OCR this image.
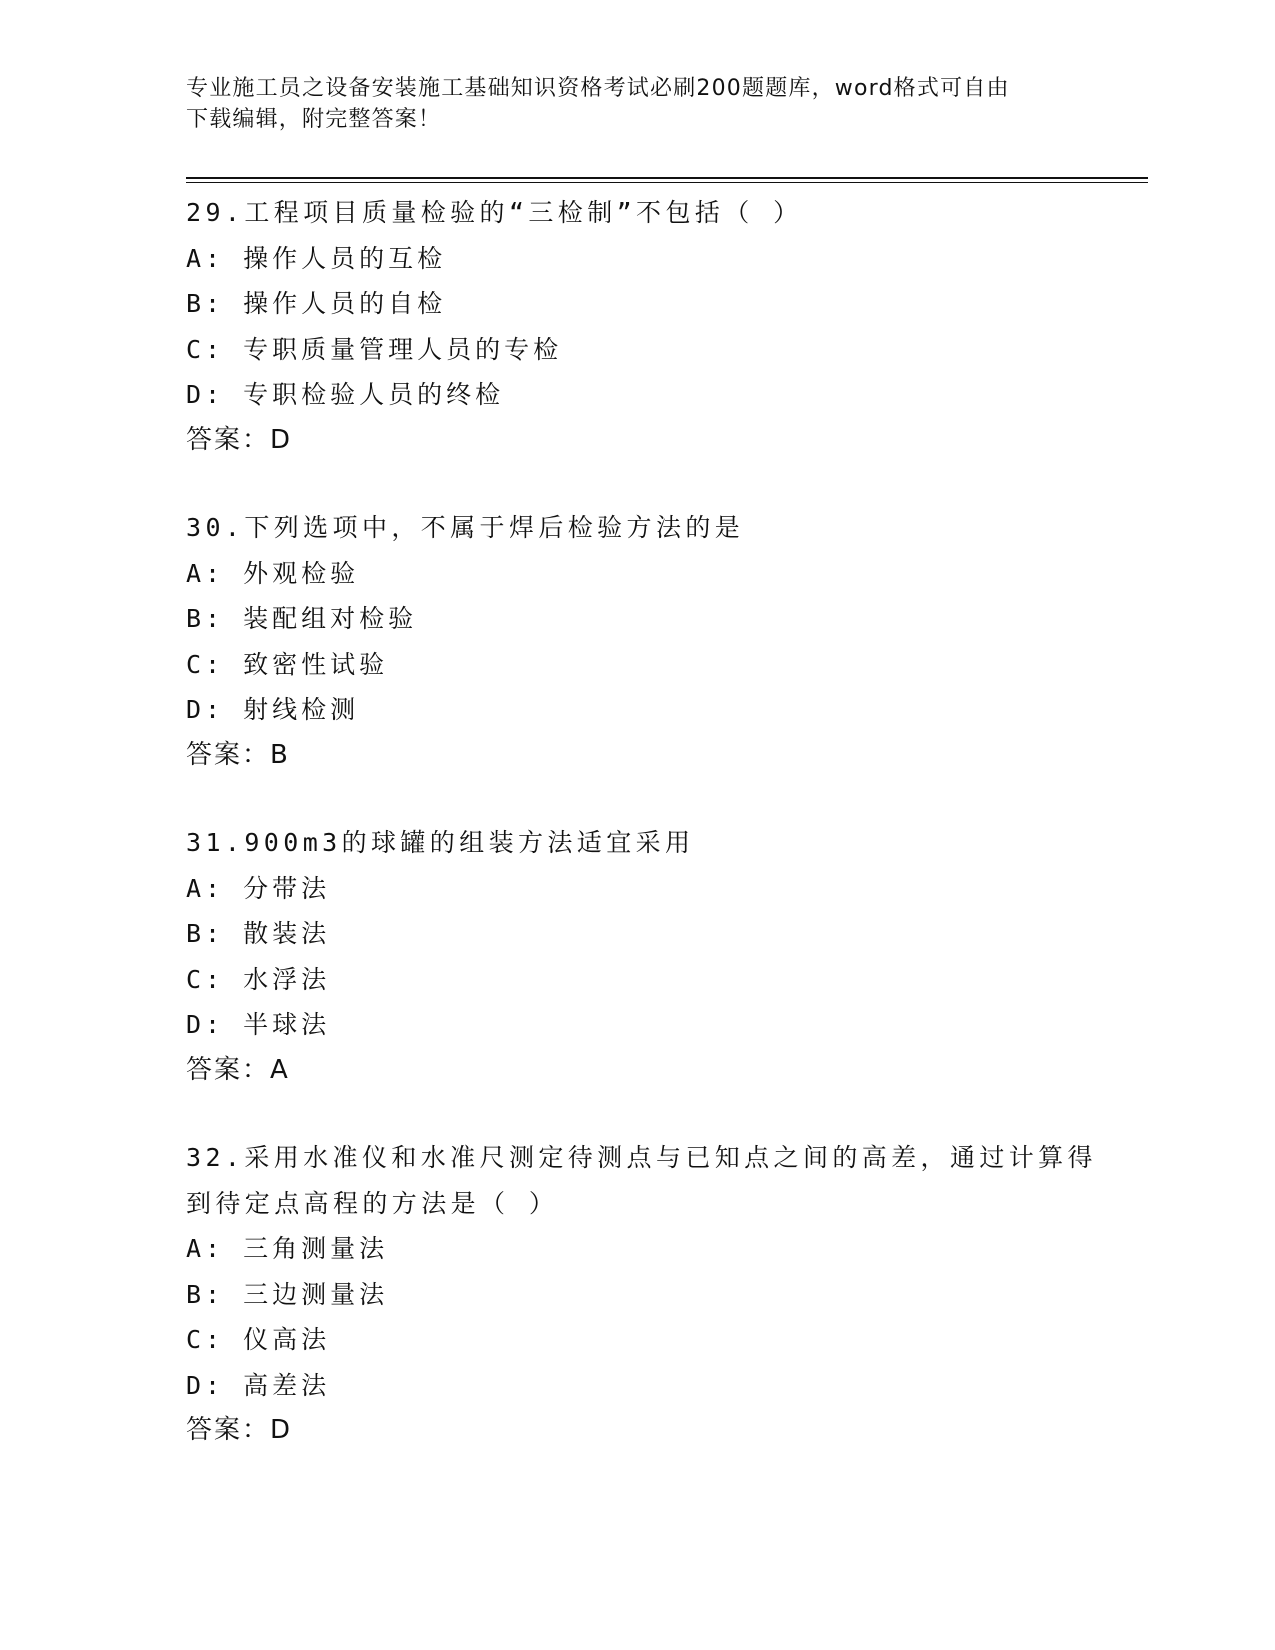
专业施工员之设备安装施工基础知识资格考试必刷200题题库，word格式可自由
下载编辑，附完整答案！
29.工程项目质量检验的“三检制”不包括（ ）
A: 操作人员的互检
B: 操作人员的自检
C: 专职质量管理人员的专检
D: 专职检验人员的终检
答案：D
30.下列选项中，不属于焊后检验方法的是
A: 外观检验
B: 装配组对检验
C: 致密性试验
D: 射线检测
答案：B
31.900m3的球罐的组装方法适宜采用
A: 分带法
B: 散装法
C: 水浮法
D: 半球法
答案：A
32.采用水准仪和水准尺测定待测点与已知点之间的高差，通过计算得
到待定点高程的方法是（ ）
A: 三角测量法
B: 三边测量法
C: 仪高法
D: 高差法
答案：D
